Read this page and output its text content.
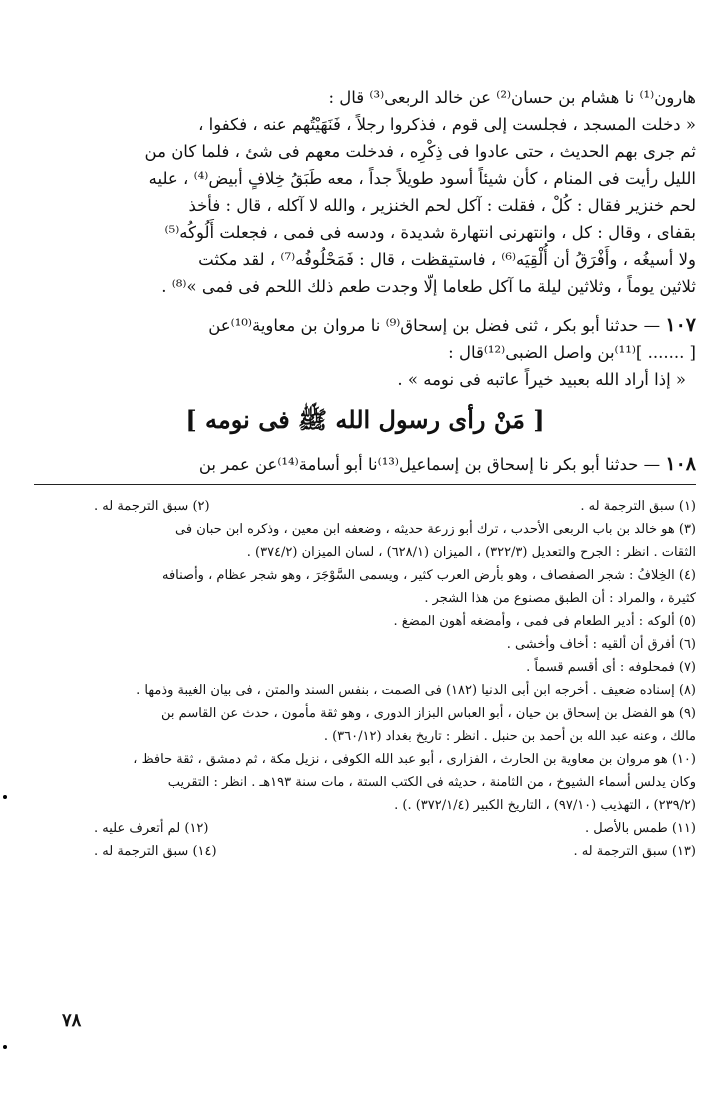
هارون⁽¹⁾ نا هشام بن حسان⁽²⁾ عن خالد الربعى⁽³⁾ قال :

« دخلت المسجد ، فجلست إلى قوم ، فذكروا رجلاً ، فَنَهَيْتُهم عنه ، فكفوا ،

ثم جرى بهم الحديث ، حتى عادوا فى ذِكْرِه ، فدخلت معهم فى شئ ، فلما كان من

الليل رأيت فى المنام ، كأن شيئاً أسود طويلاً جداً ، معه طَبَقُ خِلافٍ أبيض⁽⁴⁾ ، عليه

لحم خنزير فقال : كُلْ ، فقلت : آكل لحم الخنزير ، والله لا آكله ، قال : فأخذ

بقفاى ، وقال : كل ، وانتهرنى انتهارة شديدة ، ودسه فى فمى ، فجعلت أَلُوكُه⁽⁵⁾

ولا أسيغُه ، وأَفْرَقُ أن أُلْقِيَه⁽⁶⁾ ، فاستيقظت ، قال : فَمَحْلُوفُه⁽⁷⁾ ، لقد مكثت

ثلاثين يوماً ، وثلاثين ليلة ما آكل طعاما إلّا وجدت طعم ذلك اللحم فى فمى »⁽⁸⁾ .

١٠٧ — حدثنا أبو بكر ، ثنى فضل بن إسحاق⁽⁹⁾ نا مروان بن معاوية⁽¹⁰⁾عن
[ ....... ]⁽¹¹⁾بن واصل الضبى⁽¹²⁾قال :
« إذا أراد الله بعبيد خيراً عاتبه فى نومه » .
[ مَنْ رأى رسول الله ﷺ فى نومه ]
١٠٨ — حدثنا أبو بكر نا إسحاق بن إسماعيل⁽¹³⁾نا أبو أسامة⁽¹⁴⁾عن عمر بن
(١) سبق الترجمة له .
(٢) سبق الترجمة له .
(٣) هو خالد بن باب الربعى الأحدب ، ترك أبو زرعة حديثه ، وضعفه ابن معين ، وذكره ابن حبان فى
الثقات . انظر : الجرح والتعديل (٣٢٢/٣) ، الميزان (٦٢٨/١) ، لسان الميزان (٣٧٤/٢) .
(٤) الخِلافُ : شجر الصفصاف ، وهو بأرض العرب كثير ، ويسمى السَّوْجَرَ ، وهو شجر عظام ، وأصنافه
كثيرة ، والمراد : أن الطبق مصنوع من هذا الشجر .
(٥) ألوكه : أدير الطعام فى فمى ، وأمضغه أهون المضغ .
(٦) أفرق أن ألقيه : أخاف وأخشى .
(٧) فمحلوفه : أى أقسم قسماً .
(٨) إسناده ضعيف . أخرجه ابن أبى الدنيا (١٨٢) فى الصمت ، بنفس السند والمتن ، فى بيان الغيبة وذمها .
(٩) هو الفضل بن إسحاق بن حيان ، أبو العباس البزاز الدورى ، وهو ثقة مأمون ، حدث عن القاسم بن
مالك ، وعنه عبد الله بن أحمد بن حنبل . انظر : تاريخ بغداد (٣٦٠/١٢) .
(١٠) هو مروان بن معاوية بن الحارث ، الفزارى ، أبو عبد الله الكوفى ، نزيل مكة ، ثم دمشق ، ثقة حافظ ،
وكان يدلس أسماء الشيوخ ، من الثامنة ، حديثه فى الكتب الستة ، مات سنة ١٩٣هـ . انظر : التقريب
(٢٣٩/٢) ، التهذيب (٩٧/١٠) ، التاريخ الكبير (٣٧٢/١/٤) .) .
(١١) طمس بالأصل .
(١٢) لم أتعرف عليه .
(١٣) سبق الترجمة له .
(١٤) سبق الترجمة له .
٧٨
